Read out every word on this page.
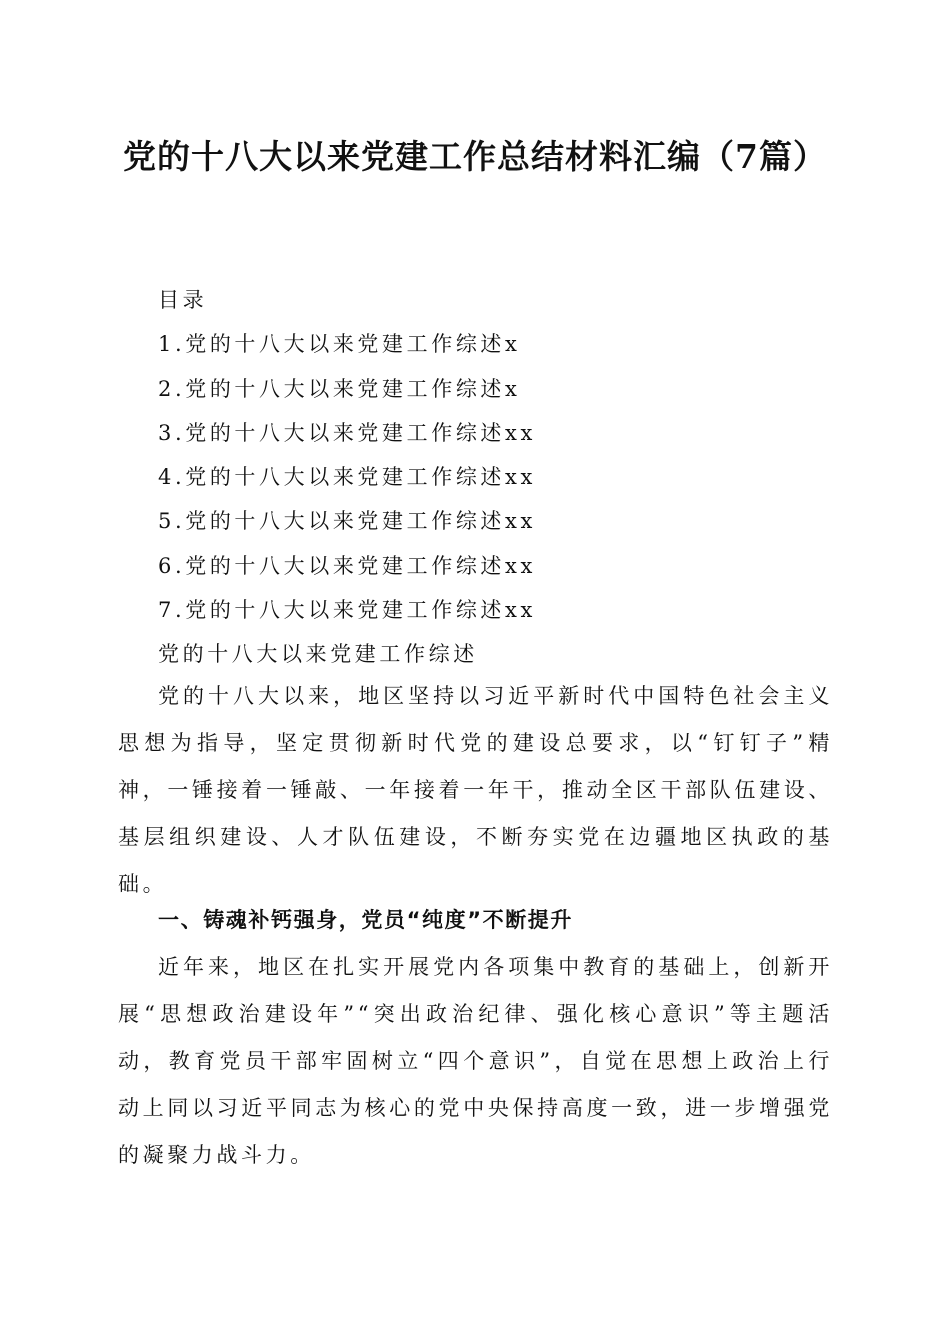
党的十八大以来党建工作总结材料汇编（7篇）
目录
1.党的十八大以来党建工作综述x
2.党的十八大以来党建工作综述x
3.党的十八大以来党建工作综述xx
4.党的十八大以来党建工作综述xx
5.党的十八大以来党建工作综述xx
6.党的十八大以来党建工作综述xx
7.党的十八大以来党建工作综述xx
党的十八大以来党建工作综述

党的十八大以来，地区坚持以习近平新时代中国特色社会主义思想为指导，坚定贯彻新时代党的建设总要求，以“钉钉子”精神，一锤接着一锤敲、一年接着一年干，推动全区干部队伍建设、基层组织建设、人才队伍建设，不断夯实党在边疆地区执政的基础。

一、铸魂补钙强身，党员“纯度”不断提升

近年来，地区在扎实开展党内各项集中教育的基础上，创新开展“思想政治建设年”“突出政治纪律、强化核心意识”等主题活动，教育党员干部牢固树立“四个意识”，自觉在思想上政治上行动上同以习近平同志为核心的党中央保持高度一致，进一步增强党的凝聚力战斗力。
